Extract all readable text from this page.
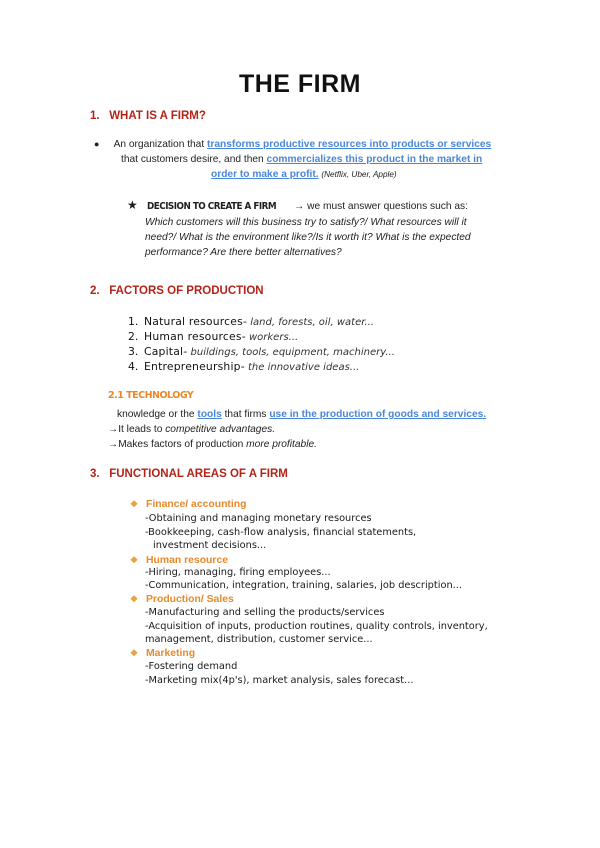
THE FIRM
1. WHAT IS A FIRM?
● An organization that transforms productive resources into products or services
that customers desire, and then commercializes this product in the market in
order to make a profit. (Netflix, Uber, Apple)
★ DECISION TO CREATE A FIRM → we must answer questions such as:
Which customers will this business try to satisfy?/ What resources will it
need?/ What is the environment like?/Is it worth it? What is the expected
performance? Are there better alternatives?
2. FACTORS OF PRODUCTION
1. Natural resources- land, forests, oil, water...
2. Human resources- workers...
3. Capital- buildings, tools, equipment, machinery...
4. Entrepreneurship- the innovative ideas...
2.1 TECHNOLOGY
knowledge or the tools that firms use in the production of goods and services.
→It leads to competitive advantages.
→Makes factors of production more profitable.
3. FUNCTIONAL AREAS OF A FIRM
❖ Finance/ accounting
-Obtaining and managing monetary resources
-Bookkeeping, cash-flow analysis, financial statements,
investment decisions...
❖ Human resource
-Hiring, managing, firing employees...
-Communication, integration, training, salaries, job description...
❖ Production/ Sales
-Manufacturing and selling the products/services
-Acquisition of inputs, production routines, quality controls, inventory,
management, distribution, customer service...
❖ Marketing
-Fostering demand
-Marketing mix(4p's), market analysis, sales forecast...
